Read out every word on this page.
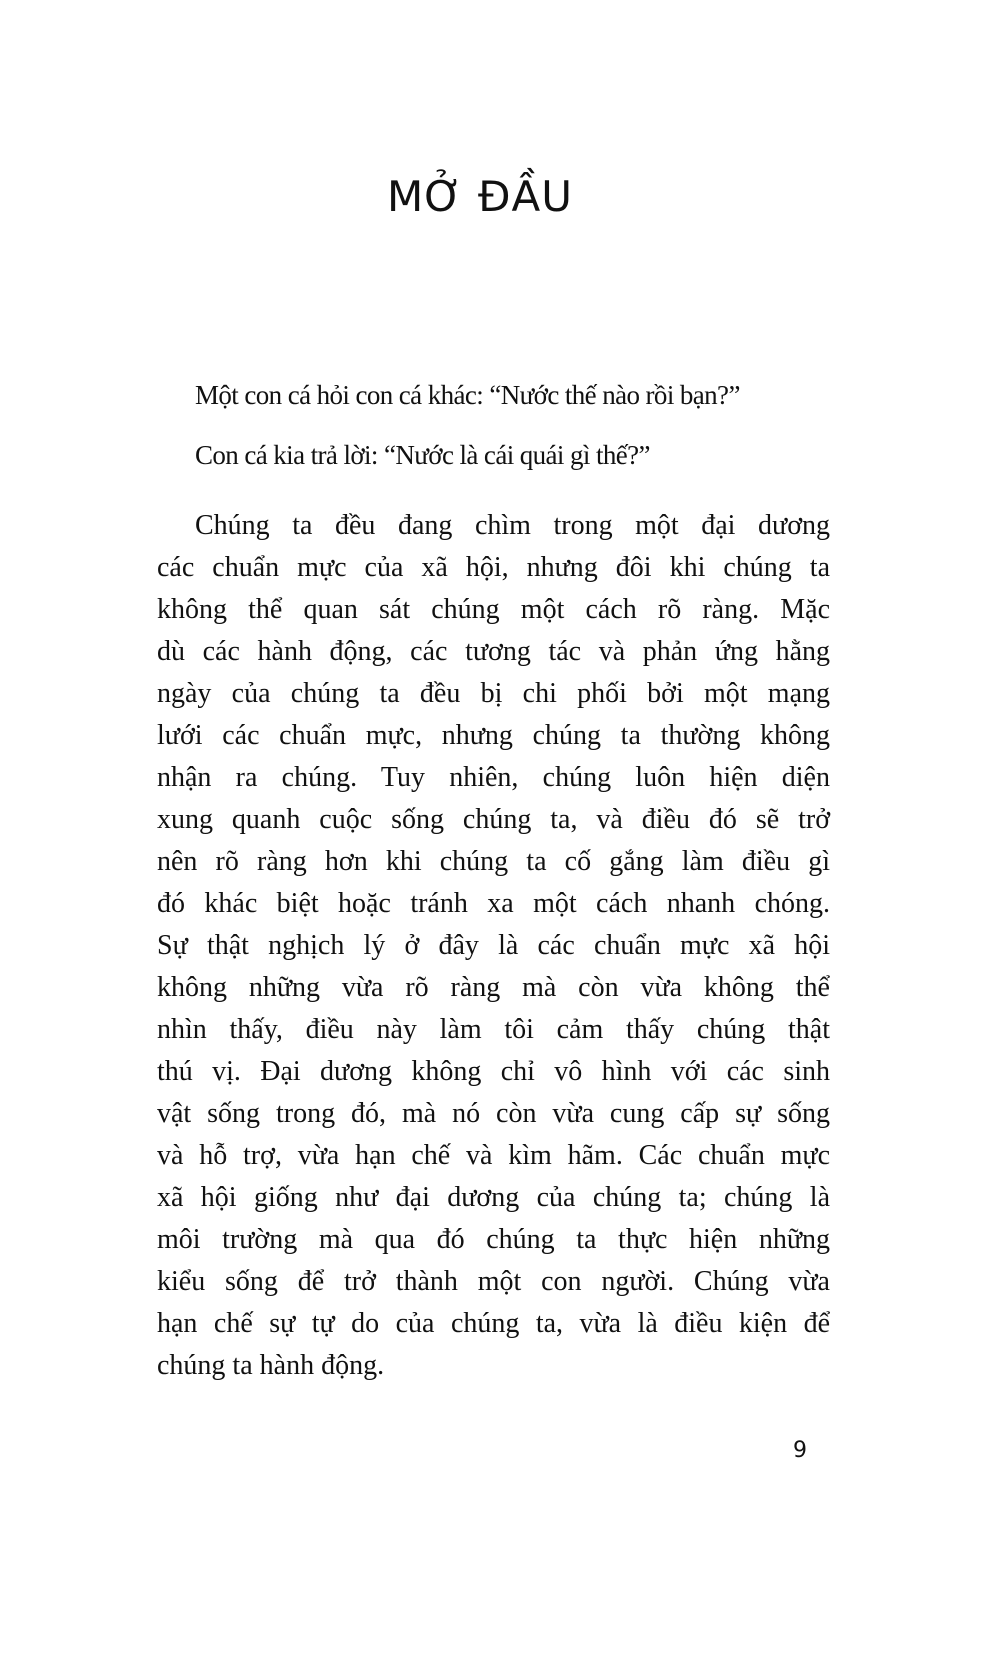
MỞ ĐẦU

Một con cá hỏi con cá khác: “Nước thế nào rồi bạn?”

Con cá kia trả lời: “Nước là cái quái gì thế?”

Chúng ta đều đang chìm trong một đại dương
các chuẩn mực của xã hội, nhưng đôi khi chúng ta
không thể quan sát chúng một cách rõ ràng. Mặc
dù các hành động, các tương tác và phản ứng hằng
ngày của chúng ta đều bị chi phối bởi một mạng
lưới các chuẩn mực, nhưng chúng ta thường không
nhận ra chúng. Tuy nhiên, chúng luôn hiện diện
xung quanh cuộc sống chúng ta, và điều đó sẽ trở
nên rõ ràng hơn khi chúng ta cố gắng làm điều gì
đó khác biệt hoặc tránh xa một cách nhanh chóng.
Sự thật nghịch lý ở đây là các chuẩn mực xã hội
không những vừa rõ ràng mà còn vừa không thể
nhìn thấy, điều này làm tôi cảm thấy chúng thật
thú vị. Đại dương không chỉ vô hình với các sinh
vật sống trong đó, mà nó còn vừa cung cấp sự sống
và hỗ trợ, vừa hạn chế và kìm hãm. Các chuẩn mực
xã hội giống như đại dương của chúng ta; chúng là
môi trường mà qua đó chúng ta thực hiện những
kiểu sống để trở thành một con người. Chúng vừa
hạn chế sự tự do của chúng ta, vừa là điều kiện để
chúng ta hành động.
9
